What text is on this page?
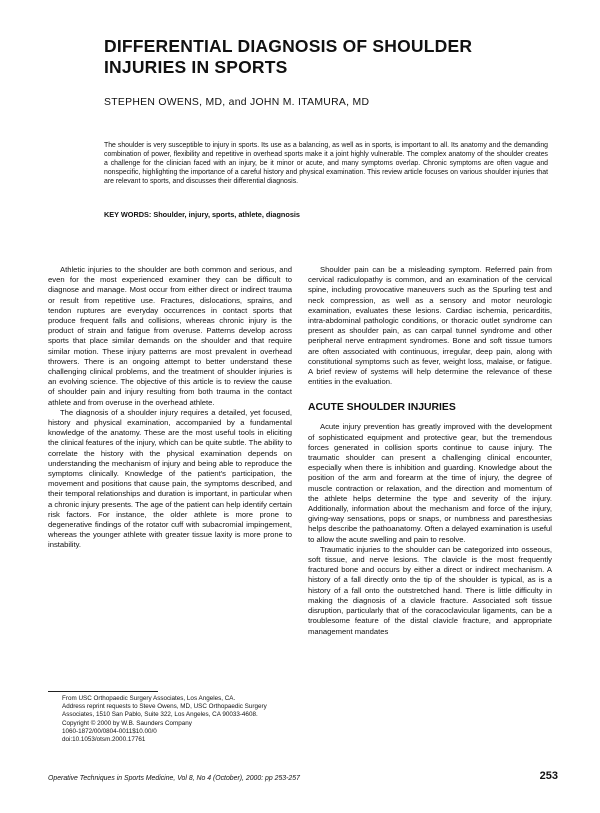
DIFFERENTIAL DIAGNOSIS OF SHOULDER INJURIES IN SPORTS
STEPHEN OWENS, MD, and JOHN M. ITAMURA, MD

The shoulder is very susceptible to injury in sports. Its use as a balancing, as well as in sports, is important to all. Its anatomy and the demanding combination of power, flexibility and repetitive in overhead sports make it a joint highly vulnerable. The complex anatomy of the shoulder creates a challenge for the clinician faced with an injury, be it minor or acute, and many symptoms overlap. Chronic symptoms are often vague and nonspecific, highlighting the importance of a careful history and physical examination. This review article focuses on various shoulder injuries that are relevant to sports, and discusses their differential diagnosis.

KEY WORDS: Shoulder, injury, sports, athlete, diagnosis

Athletic injuries to the shoulder are both common and serious, and even for the most experienced examiner they can be difficult to diagnose and manage. Most occur from either direct or indirect trauma or result from repetitive use. Fractures, dislocations, sprains, and tendon ruptures are everyday occurrences in contact sports that produce frequent falls and collisions, whereas chronic injury is the product of strain and fatigue from overuse. Patterns develop across sports that place similar demands on the shoulder and that require similar motion. These injury patterns are most prevalent in overhead throwers. There is an ongoing attempt to better understand these challenging clinical problems, and the treatment of shoulder injuries is an evolving science. The objective of this article is to review the cause of shoulder pain and injury resulting from both trauma in the contact athlete and from overuse in the overhead athlete.

The diagnosis of a shoulder injury requires a detailed, yet focused, history and physical examination, accompanied by a fundamental knowledge of the anatomy. These are the most useful tools in eliciting the clinical features of the injury, which can be quite subtle. The ability to correlate the history with the physical examination depends on understanding the mechanism of injury and being able to reproduce the symptoms clinically. Knowledge of the patient's participation, the movement and positions that cause pain, the symptoms described, and their temporal relationships and duration is important, in particular when a chronic injury presents. The age of the patient can help identify certain risk factors. For instance, the older athlete is more prone to degenerative findings of the rotator cuff with subacromial impingement, whereas the younger athlete with greater tissue laxity is more prone to instability.

Shoulder pain can be a misleading symptom. Referred pain from cervical radiculopathy is common, and an examination of the cervical spine, including provocative maneuvers such as the Spurling test and neck compression, as well as a sensory and motor neurologic examination, evaluates these lesions. Cardiac ischemia, pericarditis, intra-abdominal pathologic conditions, or thoracic outlet syndrome can present as shoulder pain, as can carpal tunnel syndrome and other peripheral nerve entrapment syndromes. Bone and soft tissue tumors are often associated with continuous, irregular, deep pain, along with constitutional symptoms such as fever, weight loss, malaise, or fatigue. A brief review of systems will help determine the relevance of these entities in the evaluation.

ACUTE SHOULDER INJURIES

Acute injury prevention has greatly improved with the development of sophisticated equipment and protective gear, but the tremendous forces generated in collision sports continue to cause injury. The traumatic shoulder can present a challenging clinical encounter, especially when there is inhibition and guarding. Knowledge about the position of the arm and forearm at the time of injury, the degree of muscle contraction or relaxation, and the direction and momentum of the athlete helps determine the type and severity of the injury. Additionally, information about the mechanism and force of the injury, giving-way sensations, pops or snaps, or numbness and paresthesias helps describe the pathoanatomy. Often a delayed examination is useful to allow the acute swelling and pain to resolve.

Traumatic injuries to the shoulder can be categorized into osseous, soft tissue, and nerve lesions. The clavicle is the most frequently fractured bone and occurs by either a direct or indirect mechanism. A history of a fall directly onto the tip of the shoulder is typical, as is a history of a fall onto the outstretched hand. There is little difficulty in making the diagnosis of a clavicle fracture. Associated soft tissue disruption, particularly that of the coracoclavicular ligaments, can be a troublesome feature of the distal clavicle fracture, and appropriate management mandates

From USC Orthopaedic Surgery Associates, Los Angeles, CA.
Address reprint requests to Steve Owens, MD, USC Orthopaedic Surgery Associates, 1510 San Pablo, Suite 322, Los Angeles, CA 90033-4608.
Copyright © 2000 by W.B. Saunders Company
1060-1872/00/0804-0011$10.00/0
doi:10.1053/otsm.2000.17761
Operative Techniques in Sports Medicine, Vol 8, No 4 (October), 2000: pp 253-257	253
